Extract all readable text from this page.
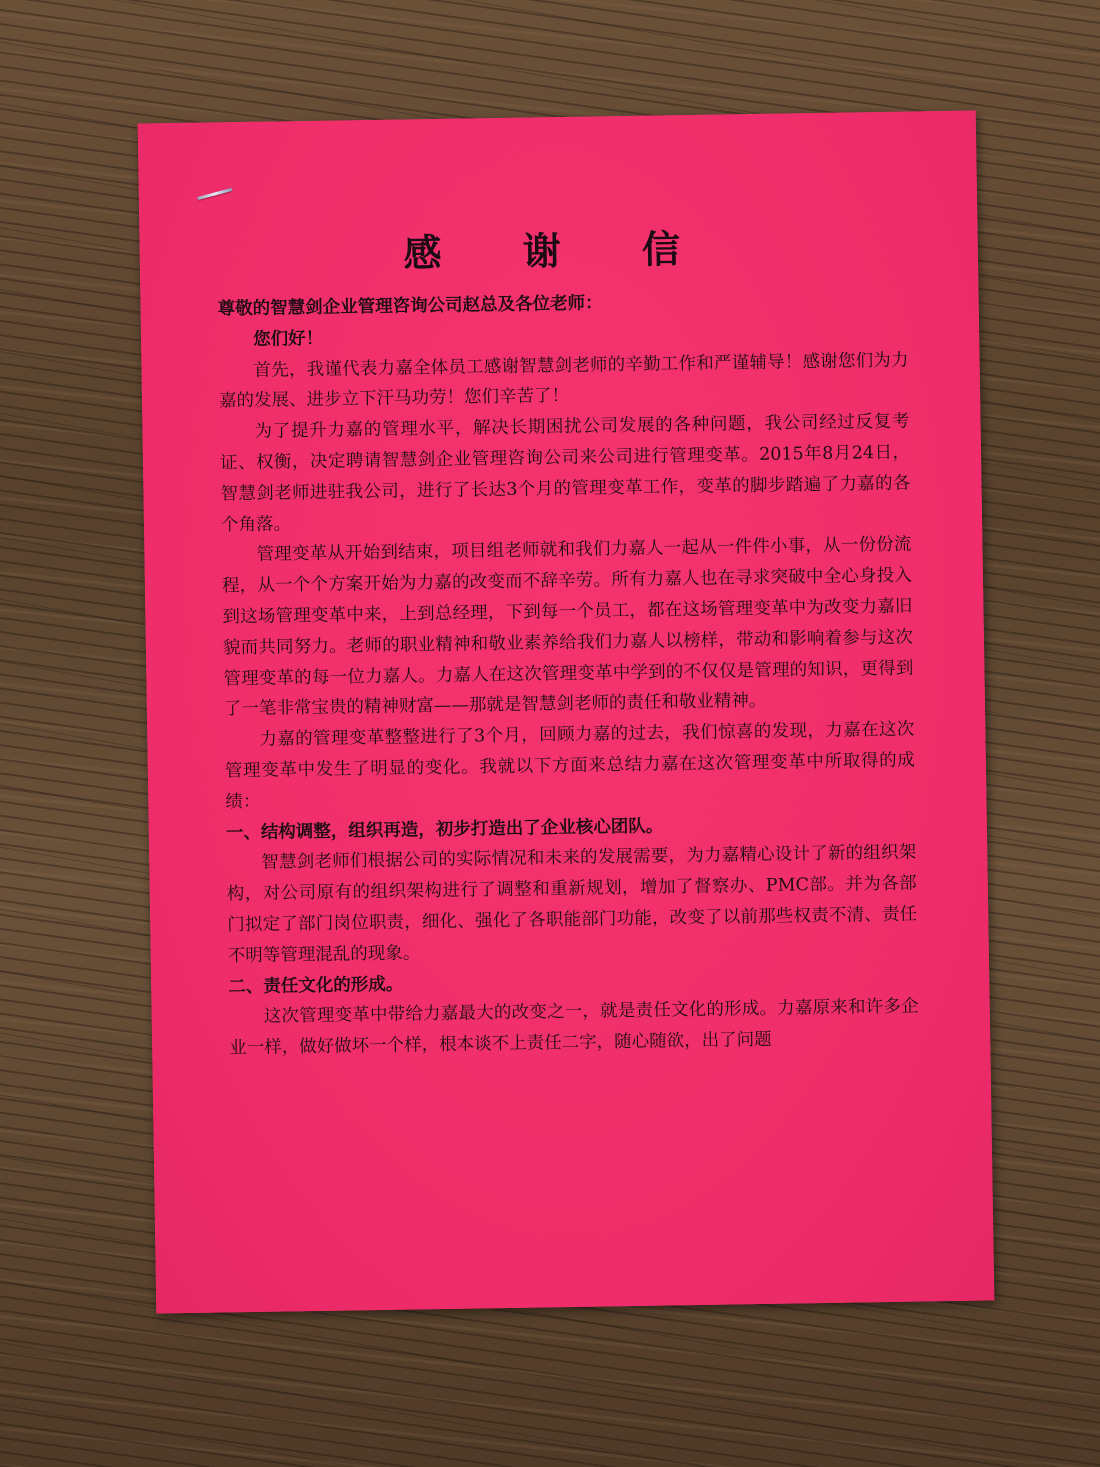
感 谢 信

尊敬的智慧剑企业管理咨询公司赵总及各位老师：

您们好！

首先，我谨代表力嘉全体员工感谢智慧剑老师的辛勤工作和严谨辅导！感谢您们为力嘉的发展、进步立下汗马功劳！您们辛苦了！

为了提升力嘉的管理水平，解决长期困扰公司发展的各种问题，我公司经过反复考证、权衡，决定聘请智慧剑企业管理咨询公司来公司进行管理变革。2015年8月24日，智慧剑老师进驻我公司，进行了长达3个月的管理变革工作，变革的脚步踏遍了力嘉的各个角落。

管理变革从开始到结束，项目组老师就和我们力嘉人一起从一件件小事，从一份份流程，从一个个方案开始为力嘉的改变而不辞辛劳。所有力嘉人也在寻求突破中全心身投入到这场管理变革中来，上到总经理，下到每一个员工，都在这场管理变革中为改变力嘉旧貌而共同努力。老师的职业精神和敬业素养给我们力嘉人以榜样，带动和影响着参与这次管理变革的每一位力嘉人。力嘉人在这次管理变革中学到的不仅仅是管理的知识，更得到了一笔非常宝贵的精神财富——那就是智慧剑老师的责任和敬业精神。

力嘉的管理变革整整进行了3个月，回顾力嘉的过去，我们惊喜的发现，力嘉在这次管理变革中发生了明显的变化。我就以下方面来总结力嘉在这次管理变革中所取得的成绩：

一、结构调整，组织再造，初步打造出了企业核心团队。

智慧剑老师们根据公司的实际情况和未来的发展需要，为力嘉精心设计了新的组织架构，对公司原有的组织架构进行了调整和重新规划，增加了督察办、PMC部。并为各部门拟定了部门岗位职责，细化、强化了各职能部门功能，改变了以前那些权责不清、责任不明等管理混乱的现象。

二、责任文化的形成。

这次管理变革中带给力嘉最大的改变之一，就是责任文化的形成。力嘉原来和许多企业一样，做好做坏一个样，根本谈不上责任二字，随心随欲，出了问题
